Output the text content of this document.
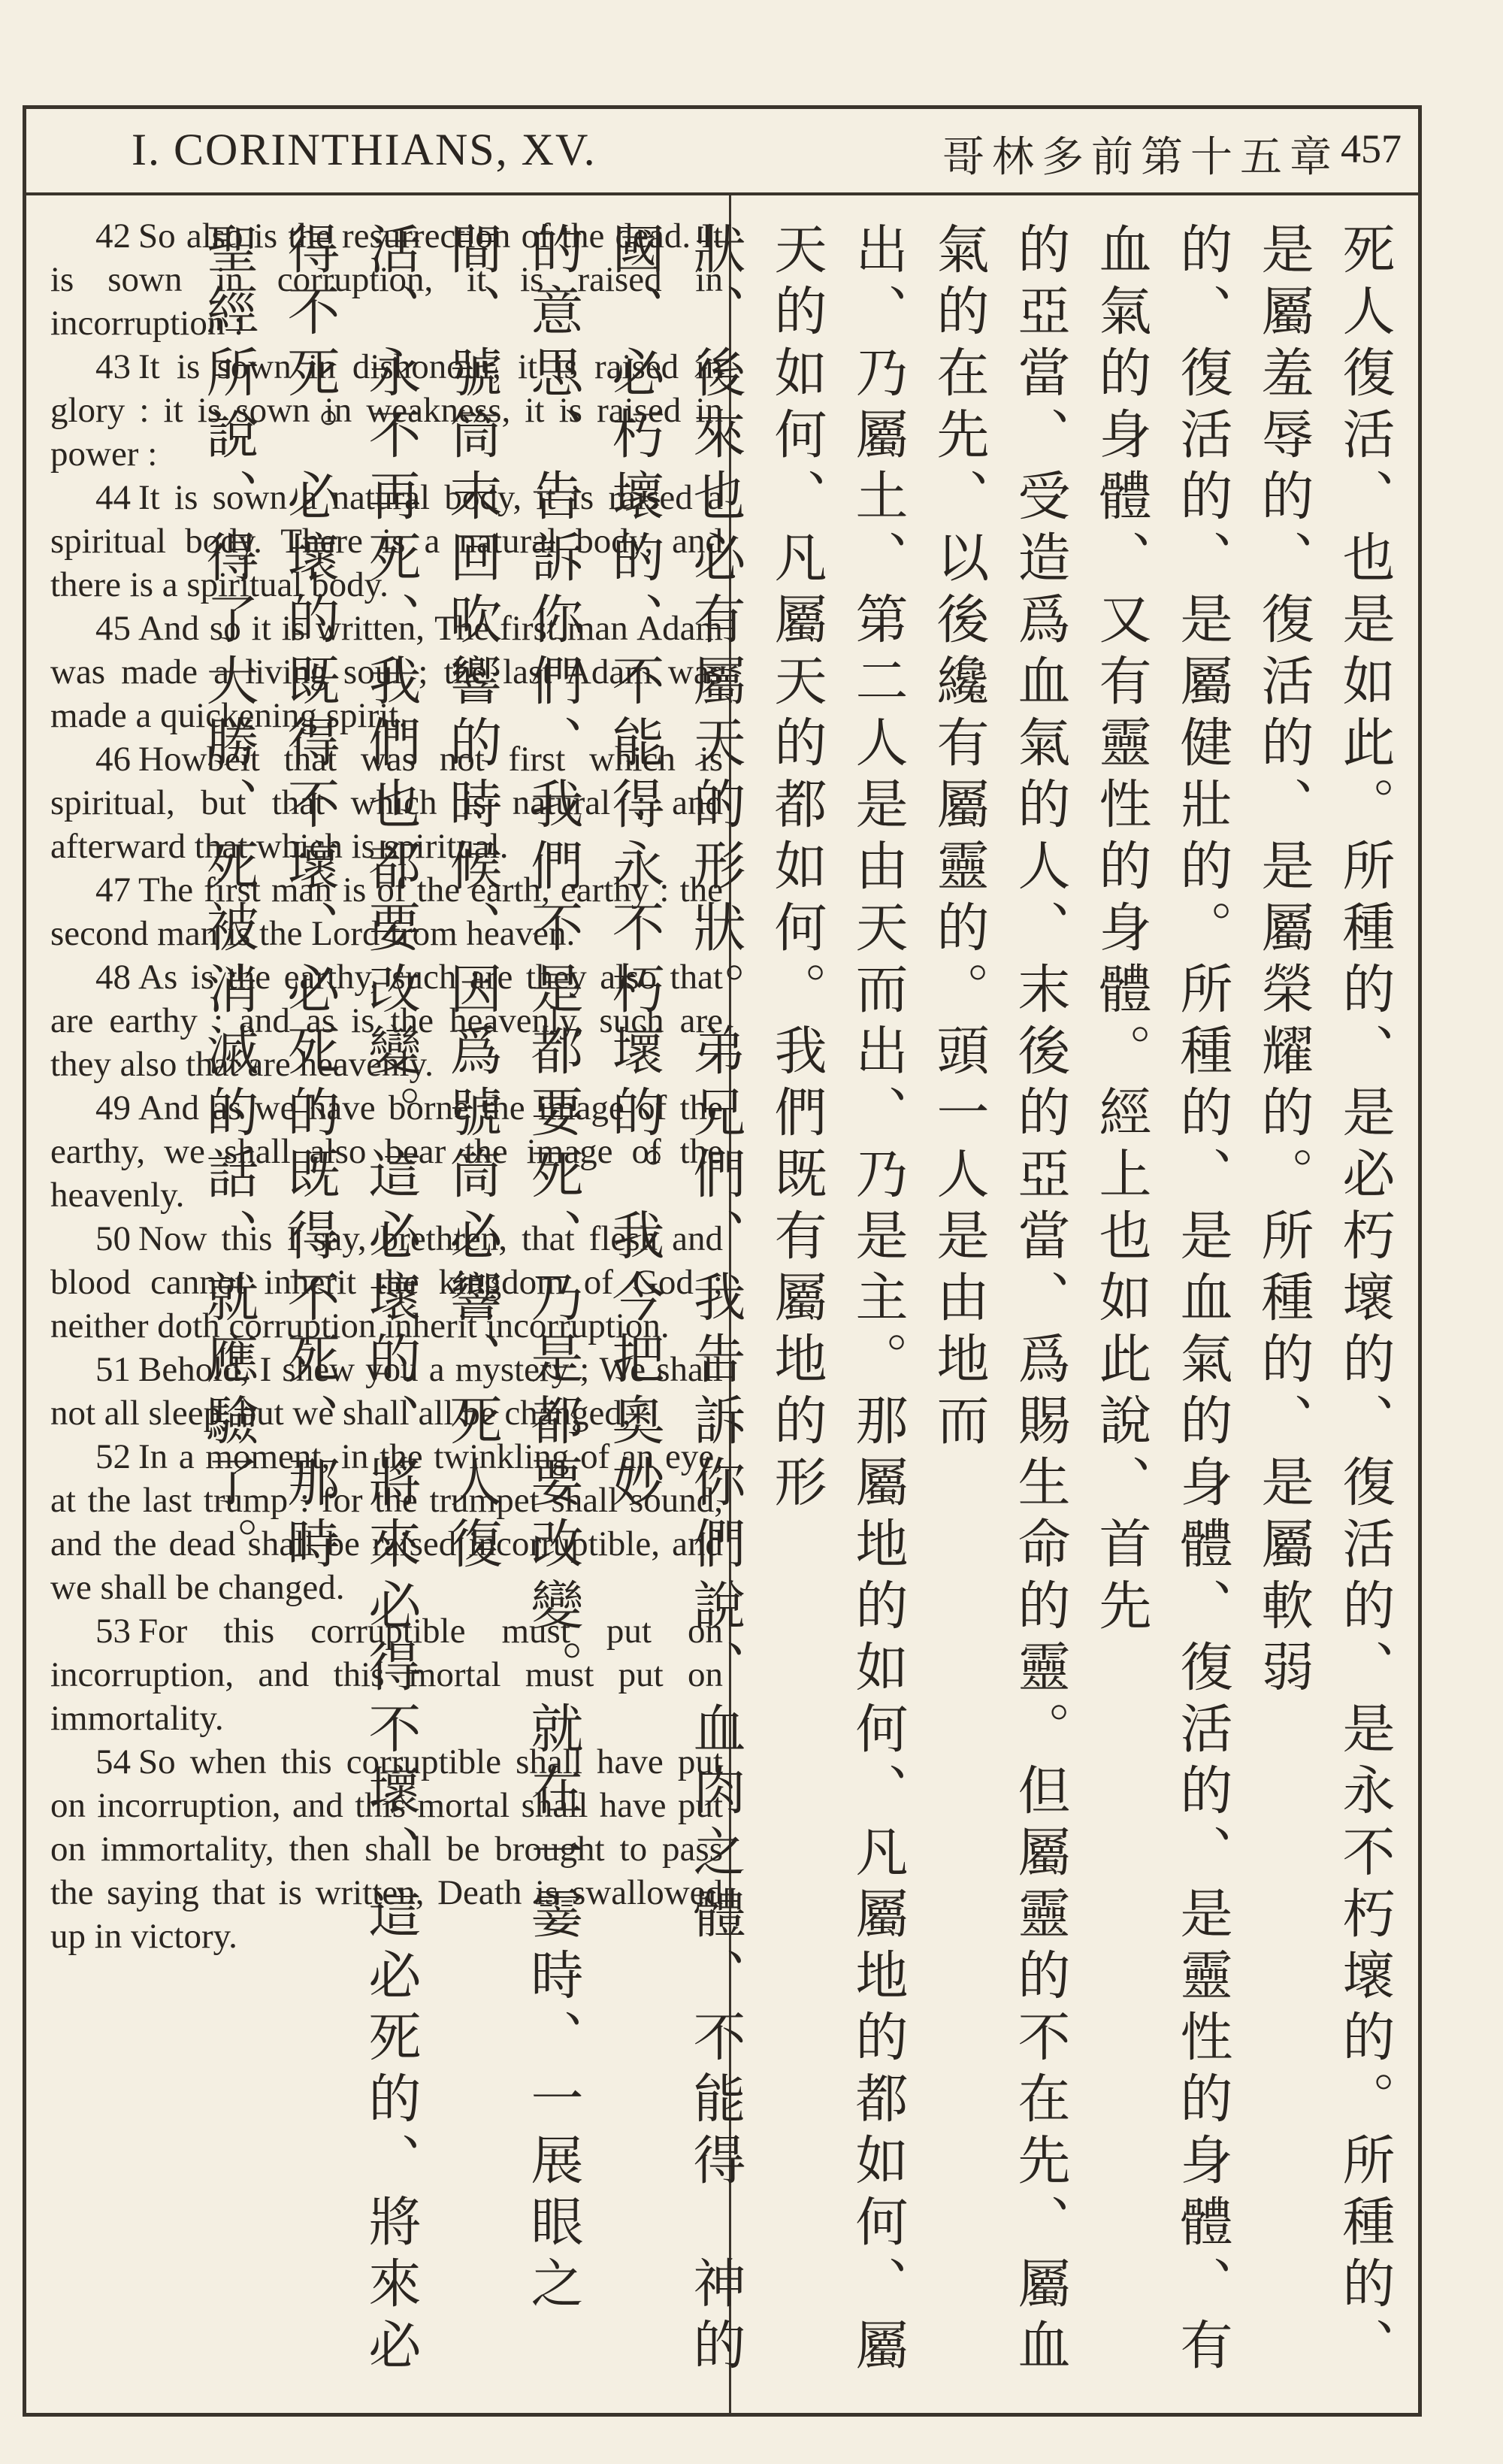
I. CORINTHIANS, XV.	哥林多前第十五章 457

42 So also is the resurrection of the dead. It is sown in corruption, it is raised in incorruption :

43 It is sown in dishonour, it is raised in glory : it is sown in weakness, it is raised in power :

44 It is sown a natural body, it is raised a spiritual body. There is a natural body, and there is a spiritual body.

45 And so it is written, The first man Adam was made a living soul ; the last Adam was made a quickening spirit.

46 Howbeit that was not first which is spiritual, but that which is natural ; and afterward that which is spiritual.

47 The first man is of the earth, earthy : the second man is the Lord from heaven.

48 As is the earthy, such are they also that are earthy : and as is the heavenly, such are they also that are heavenly.

49 And as we have borne the image of the earthy, we shall also bear the image of the heavenly.

50 Now this I say, brethren, that flesh and blood cannot inherit the kingdom of God ; neither doth corruption inherit incorruption.

51 Behold, I shew you a mystery ; We shall not all sleep, but we shall all be changed,

52 In a moment, in the twinkling of an eye, at the last trump : for the trumpet shall sound, and the dead shall be raised incorruptible, and we shall be changed.

53 For this corruptible must put on incorruption, and this mortal must put on immortality.

54 So when this corruptible shall have put on incorruption, and this mortal shall have put on immortality, then shall be brought to pass the saying that is written, Death is swallowed up in victory.	死人復活、也是如此。所種的、是必朽壞的、復活的、是永不朽壞的。所種的、是屬羞辱的、復活的、是屬榮耀的。所種的、是屬軟弱
的、復活的、是屬健壯的。所種的、是血氣的身體、復活的、是靈性的身體、有血氣的身體、又有靈性的身體。經上也如此說、首先
的亞當、受造爲血氣的人、末後的亞當、爲賜生命的靈。但屬靈的不在先、屬血氣的在先、以後纔有屬靈的。頭一人是由地而
出、乃屬土、第二人是由天而出、乃是主。那屬地的如何、凡屬地的都如何、屬天的如何、凡屬天的都如何。我們既有屬地的形
狀、後來也必有屬天的形狀。弟兄們、我告訴你們說、血肉之體、不能得　神的國、必朽壞的、不能得永不朽壞的。我今把奧妙
的意思、告訴你們、我們不是都要死、乃是都要改變。就在一霎時、一展眼之間、號筒末回吹響的時候、因爲號筒必響、死人復
活、永不再死、我們也都要改變。這必壞的、將來必得不壞、這必死的、將來必得不死。必壞的既得不壞、必死的既得不死、那時
聖經所說、得了大勝、死被消滅的話、就應驗了。
